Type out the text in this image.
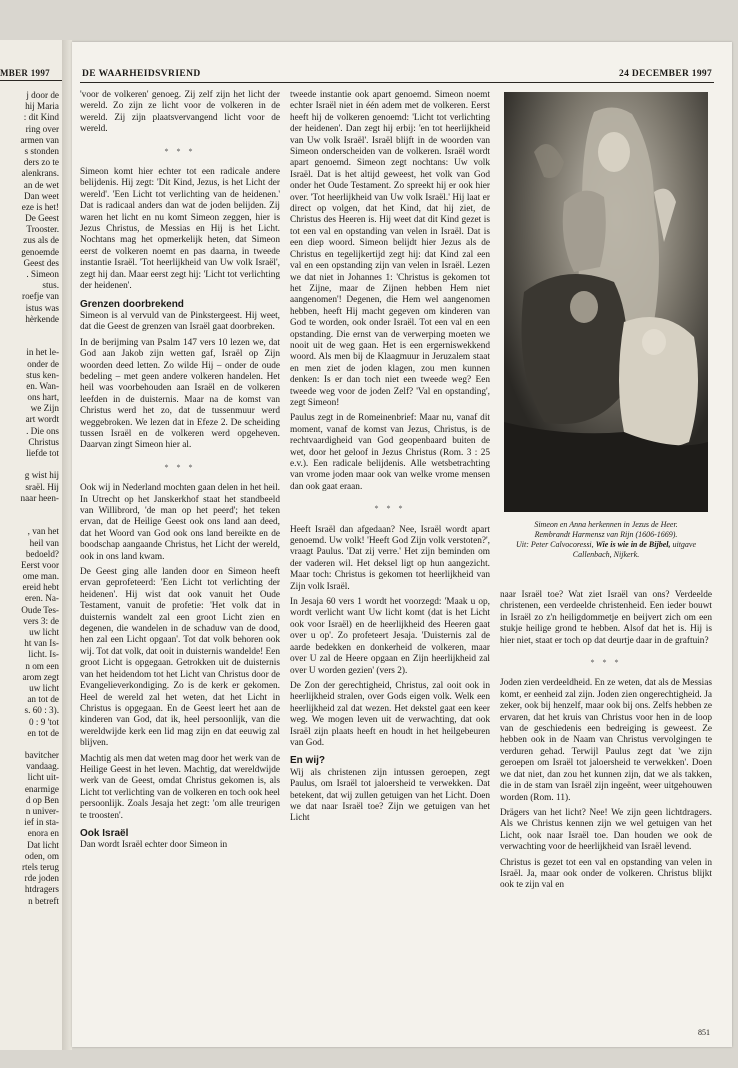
MBER 1997
j door de
hij Maria
: dit Kind
ring over
armen van
s stonden
ders zo te
alenkrans.
an de wet
Dan weet
eze is het!
De Geest
Trooster.
zus als de
genoemde
Geest des
. Simeon
stus.
roefje van
istus was
hèrkende
in het le-
onder de
stus ken-
en. Wan-
ons hart,
we Zijn
art wordt
. Die ons
Christus
liefde tot
g wist hij
sraël. Hij
naar heen-
, van het
heil van
bedoeld?
Eerst voor
ome man.
ereid hebt
eren. Na-
Oude Tes-
vers 3: de
uw licht
ht van Is-
licht. Is-
n om een
arom zegt
uw licht
an tot de
s. 60 : 3).
0 : 9 'tot
en tot de
bavitcher
vandaag.
licht uit-
enarmige
d op Ben
n univer-
ief in sta-
enora en
Dat licht
oden, om
rtels terug
rde joden
htdragers
n betreft
DE WAARHEIDSVRIEND	24 DECEMBER 1997

'voor de volkeren' genoeg. Zij zelf zijn het licht der wereld. Zo zijn ze licht voor de volkeren in de wereld. Zij zijn plaatsvervangend licht voor de wereld.

* * *

Simeon komt hier echter tot een radicale andere belijdenis. Hij zegt: 'Dit Kind, Jezus, is het Licht der wereld'. 'Een Licht tot verlichting van de heidenen.' Dat is radicaal anders dan wat de joden belijden. Zij waren het licht en nu komt Simeon zeggen, hier is Jezus Christus, de Messias en Hij is het Licht. Nochtans mag het opmerkelijk heten, dat Simeon eerst de volkeren noemt en pas daarna, in tweede instantie Israël. 'Tot heerlijkheid van Uw volk Israël', zegt hij dan. Maar eerst zegt hij: 'Licht tot verlichting der heidenen'.

Grenzen doorbrekend

Simeon is al vervuld van de Pinkstergeest. Hij weet, dat die Geest de grenzen van Israël gaat doorbreken.

In de berijming van Psalm 147 vers 10 lezen we, dat God aan Jakob zijn wetten gaf, Israël op Zijn woorden deed letten. Zo wilde Hij – onder de oude bedeling – met geen andere volkeren handelen. Het heil was voorbehouden aan Israël en de volkeren leefden in de duisternis. Maar na de komst van Christus werd het zo, dat de tussenmuur werd weggebroken. We lezen dat in Efeze 2. De scheiding tussen Israël en de volkeren werd opgeheven. Daarvan zingt Simeon hier al.

* * *

Ook wij in Nederland mochten gaan delen in het heil. In Utrecht op het Janskerkhof staat het standbeeld van Willibrord, 'de man op het peerd'; het teken ervan, dat de Heilige Geest ook ons land aan deed, dat het Woord van God ook ons land bereikte en de boodschap aangaande Christus, het Licht der wereld, ook in ons land kwam.

De Geest ging alle landen door en Simeon heeft ervan geprofeteerd: 'Een Licht tot verlichting der heidenen'. Hij wist dat ook vanuit het Oude Testament, vanuit de profetie: 'Het volk dat in duisternis wandelt zal een groot Licht zien en degenen, die wandelen in de schaduw van de dood, hen zal een Licht opgaan'. Tot dat volk behoren ook wij. Tot dat volk, dat ooit in duisternis wandelde! Een groot Licht is opgegaan. Getrokken uit de duisternis van het heidendom tot het Licht van Christus door de Evangelieverkondiging. Zo is de kerk er gekomen. Heel de wereld zal het weten, dat het Licht in Christus is opgegaan. En de Geest leert het aan de kinderen van God, dat ik, heel persoonlijk, van die wereldwijde kerk een lid mag zijn en dat eeuwig zal blijven.

Machtig als men dat weten mag door het werk van de Heilige Geest in het leven. Machtig, dat wereldwijde werk van de Geest, omdat Christus gekomen is, als Licht tot verlichting van de volkeren en toch ook heel persoonlijk. Zoals Jesaja het zegt: 'om alle treurigen te troosten'.

Ook Israël

Dan wordt Israël echter door Simeon in

tweede instantie ook apart genoemd. Simeon noemt echter Israël niet in één adem met de volkeren. Eerst heeft hij de volkeren genoemd: 'Licht tot verlichting der heidenen'. Dan zegt hij erbij: 'en tot heerlijkheid van Uw volk Israël'. Israël blijft in de woorden van Simeon onderscheiden van de volkeren. Israël wordt apart genoemd. Simeon zegt nochtans: Uw volk Israël. Dat is het altijd geweest, het volk van God onder het Oude Testament. Zo spreekt hij er ook hier over. 'Tot heerlijkheid van Uw volk Israël.' Hij laat er direct op volgen, dat het Kind, dat hij ziet, de Christus des Heeren is. Hij weet dat dit Kind gezet is tot een val en opstanding van velen in Israël. Dat is een diep woord. Simeon belijdt hier Jezus als de Christus en tegelijkertijd zegt hij: dat Kind zal een val en een opstanding zijn van velen in Israël. Lezen we dat niet in Johannes 1: 'Christus is gekomen tot het Zijne, maar de Zijnen hebben Hem niet aangenomen'! Degenen, die Hem wel aangenomen hebben, heeft Hij macht gegeven om kinderen van God te worden, ook onder Israël. Tot een val en een opstanding. Die ernst van de verwerping moeten we nooit uit de weg gaan. Het is een ergerniswekkend woord. Als men bij de Klaagmuur in Jeruzalem staat en men ziet de joden klagen, zou men kunnen denken: Is er dan toch niet een tweede weg? Een tweede weg voor de joden Zelf? 'Val en opstanding', zegt Simeon!

Paulus zegt in de Romeinenbrief: Maar nu, vanaf dit moment, vanaf de komst van Jezus, Christus, is de rechtvaardigheid van God geopenbaard buiten de wet, door het geloof in Jezus Christus (Rom. 3 : 25 e.v.). Een radicale belijdenis. Alle wetsbetrachting van vrome joden maar ook van welke vrome mensen dan ook gaat eraan.

* * *

Heeft Israël dan afgedaan? Nee, Israël wordt apart genoemd. Uw volk! 'Heeft God Zijn volk verstoten?', vraagt Paulus. 'Dat zij verre.' Het zijn beminden om der vaderen wil. Het deksel ligt op hun aangezicht. Maar toch: Christus is gekomen tot heerlijkheid van Zijn volk Israël.

In Jesaja 60 vers 1 wordt het voorzegd: 'Maak u op, wordt verlicht want Uw licht komt (dat is het Licht ook voor Israël) en de heerlijkheid des Heeren gaat over u op'. Zo profeteert Jesaja. 'Duisternis zal de aarde bedekken en donkerheid de volkeren, maar over U zal de Heere opgaan en Zijn heerlijkheid zal over U worden gezien' (vers 2).

De Zon der gerechtigheid, Christus, zal ooit ook in heerlijkheid stralen, over Gods eigen volk. Welk een heerlijkheid zal dat wezen. Het dekstel gaat een keer weg. We mogen leven uit de verwachting, dat ook Israël zijn plaats heeft en houdt in het heilgebeuren van God.

En wij?

Wij als christenen zijn intussen geroepen, zegt Paulus, om Israël tot jaloersheid te verwekken. Dat betekent, dat wij zullen getuigen van het Licht. Doen we dat naar Israël toe? Zijn we getuigen van het Licht

Simeon en Anna herkennen in Jezus de Heer.
Rembrandt Harmensz van Rijn (1606-1669).
Uit: Peter Calvocoressi, Wie is wie in de Bijbel, uitgave Callenbach, Nijkerk.

naar Israël toe? Wat ziet Israël van ons? Verdeelde christenen, een verdeelde christenheid. Een ieder bouwt in Israël zo z'n heiligdommetje en beijvert zich om een stukje heilige grond te hebben. Alsof dat het is. Hij is hier niet, staat er toch op dat deurtje daar in de graftuin?

* * *

Joden zien verdeeldheid. En ze weten, dat als de Messias komt, er eenheid zal zijn. Joden zien ongerechtigheid. Ja zeker, ook bij henzelf, maar ook bij ons. Zelfs hebben ze ervaren, dat het kruis van Christus voor hen in de loop van de geschiedenis een bedreiging is geweest. Ze hebben ook in de Naam van Christus vervolgingen te verduren gehad. Terwijl Paulus zegt dat 'we zijn geroepen om Israël tot jaloersheid te verwekken'. Doen we dat niet, dan zou het kunnen zijn, dat we als takken, die in de stam van Israël zijn ingeënt, weer uitgehouwen worden (Rom. 11).

Drägers van het licht? Nee! We zijn geen lichtdragers. Als we Christus kennen zijn we wel getuigen van het Licht, ook naar Israël toe. Dan houden we ook de verwachting voor de heerlijkheid van Israël levend.

Christus is gezet tot een val en opstanding van velen in Israël. Ja, maar ook onder de volkeren. Christus blijkt ook te zijn val en

851
